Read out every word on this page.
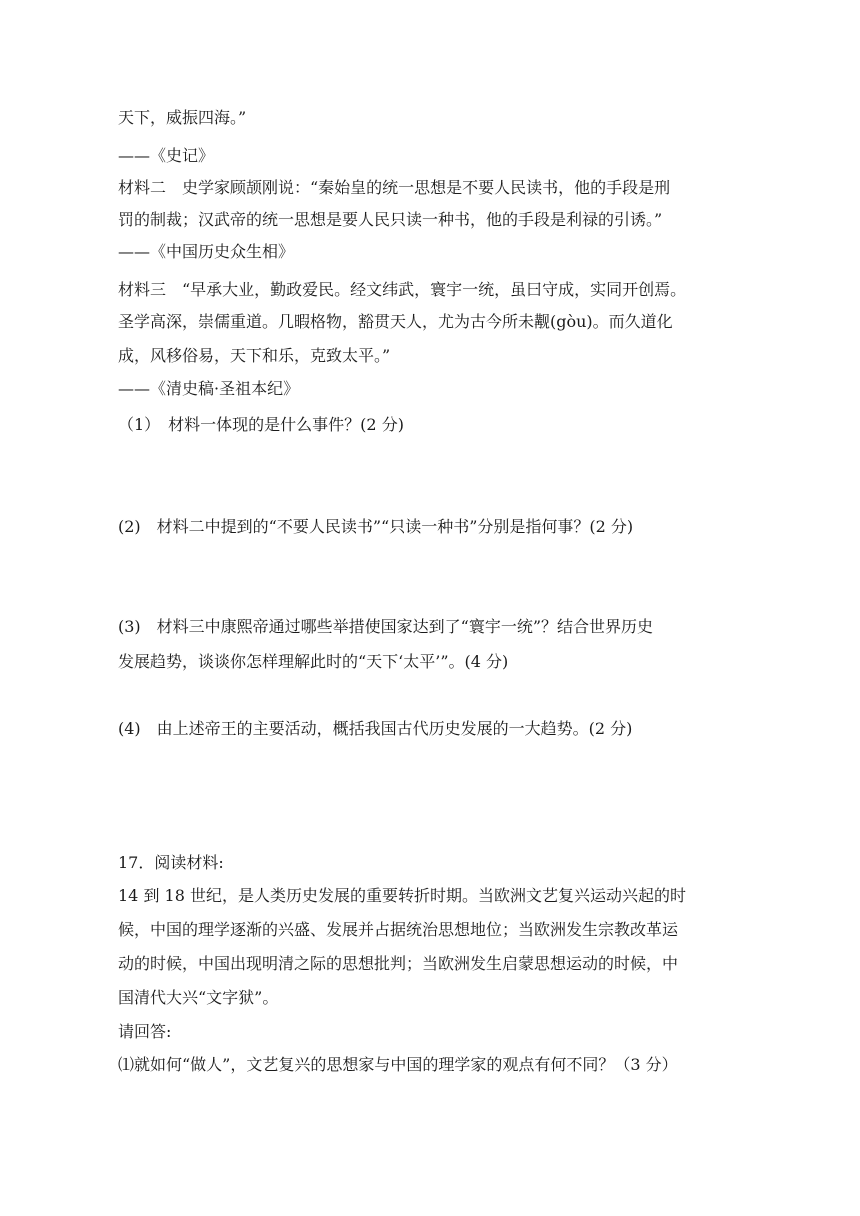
天下，威振四海。”
——《史记》
材料二　史学家顾颉刚说：“秦始皇的统一思想是不要人民读书，他的手段是刑
罚的制裁；汉武帝的统一思想是要人民只读一种书，他的手段是利禄的引诱。”
——《中国历史众生相》
材料三　“早承大业，勤政爱民。经文纬武，寰宇一统，虽曰守成，实同开创焉。
圣学高深，崇儒重道。几暇格物，豁贯天人，尤为古今所未觏(gòu)。而久道化
成，风移俗易，天下和乐，克致太平。”
——《清史稿·圣祖本纪》
（1）　材料一体现的是什么事件？(2 分)
(2)　材料二中提到的“不要人民读书”“只读一种书”分别是指何事？(2 分)
(3)　材料三中康熙帝通过哪些举措使国家达到了“寰宇一统”？结合世界历史
发展趋势，谈谈你怎样理解此时的“天下‘太平’”。(4 分)
(4)　由上述帝王的主要活动，概括我国古代历史发展的一大趋势。(2 分)
17．阅读材料:
14 到 18 世纪，是人类历史发展的重要转折时期。当欧洲文艺复兴运动兴起的时
候，中国的理学逐渐的兴盛、发展并占据统治思想地位；当欧洲发生宗教改革运
动的时候，中国出现明清之际的思想批判；当欧洲发生启蒙思想运动的时候，中
国清代大兴“文字狱”。
请回答:
⑴就如何“做人”，文艺复兴的思想家与中国的理学家的观点有何不同？（3 分）
